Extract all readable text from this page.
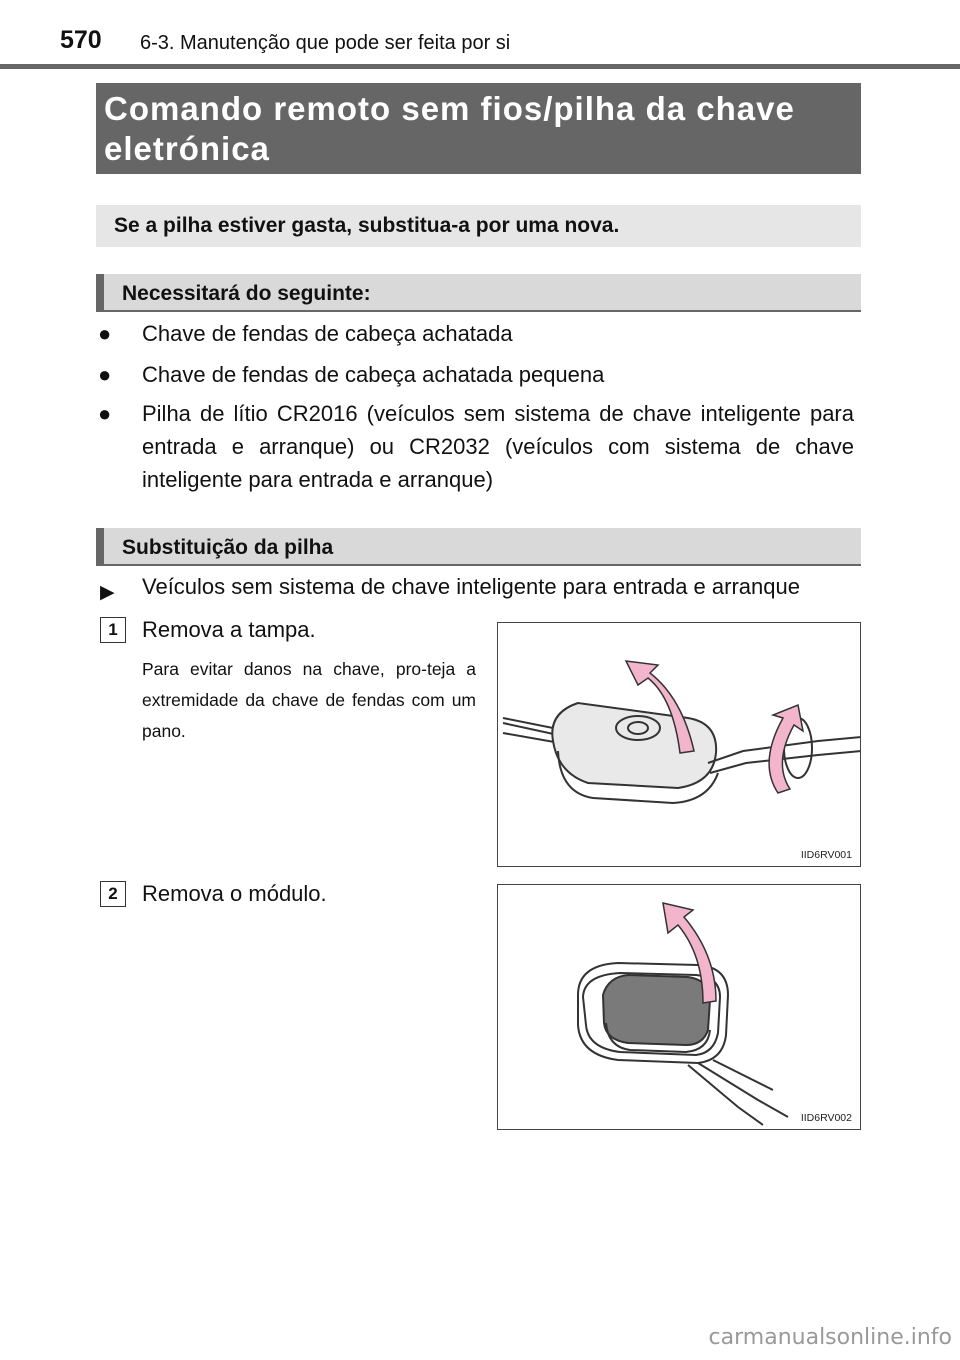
570 6-3. Manutenção que pode ser feita por si
Comando remoto sem fios/pilha da chave eletrónica
Se a pilha estiver gasta, substitua-a por uma nova.
Necessitará do seguinte:
● Chave de fendas de cabeça achatada
● Chave de fendas de cabeça achatada pequena
● Pilha de lítio CR2016 (veículos sem sistema de chave inteligente para entrada e arranque) ou CR2032 (veículos com sistema de chave inteligente para entrada e arranque)
Substituição da pilha
▶ Veículos sem sistema de chave inteligente para entrada e arranque
1	Remova a tampa.
Para evitar danos na chave, pro-teja a extremidade da chave de fendas com um pano.
IID6RV001
2	Remova o módulo.
IID6RV002
carmanualsonline.info
